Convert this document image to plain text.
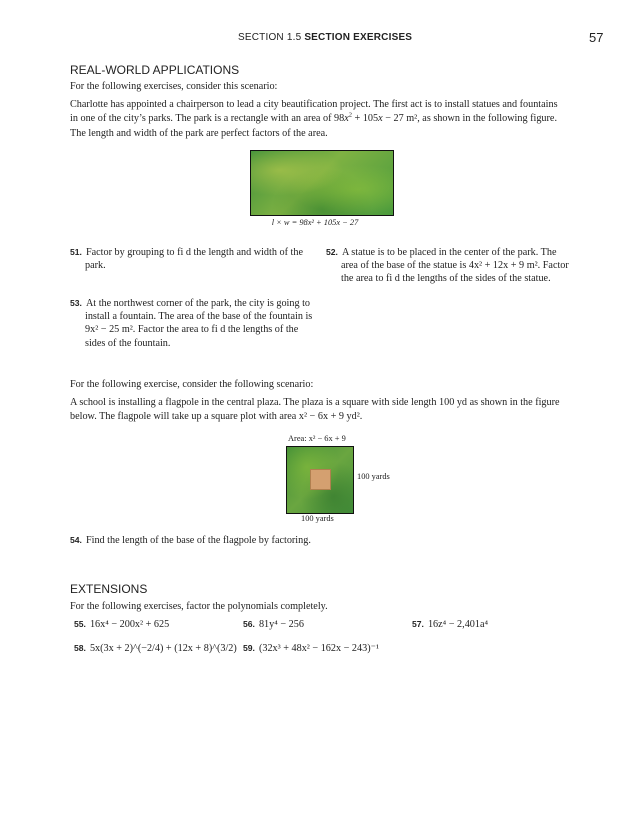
SECTION 1.5 SECTION EXERCISES	57
REAL-WORLD APPLICATIONS
For the following exercises, consider this scenario:
Charlotte has appointed a chairperson to lead a city beautification project. The first act is to install statues and fountains
in one of the city’s parks. The park is a rectangle with an area of $98x^2 + 105x - 27$ m², as shown in the following figure.
The length and width of the park are perfect factors of the area.
l × w = 98x² + 105x − 27
51. Factor by grouping to fi d the length and width of the park.
52. A statue is to be placed in the center of the park. The area of the base of the statue is 4x² + 12x + 9 m². Factor the area to fi d the lengths of the sides of the statue.
53. At the northwest corner of the park, the city is going to install a fountain. The area of the base of the fountain is 9x² − 25 m². Factor the area to fi d the lengths of the sides of the fountain.
For the following exercise, consider the following scenario:
A school is installing a flagpole in the central plaza. The plaza is a square with side length 100 yd as shown in the figure
below. The flagpole will take up a square plot with area x² − 6x + 9 yd².
Area: x² − 6x + 9
100 yards
100 yards
54. Find the length of the base of the flagpole by factoring.
EXTENSIONS
For the following exercises, factor the polynomials completely.
55. 16x⁴ − 200x² + 625	56. 81y⁴ − 256	57. 16z⁴ − 2,401a⁴
58. 5x(3x + 2)^(−2/4) + (12x + 8)^(3/2) 59. (32x³ + 48x² − 162x − 243)⁻¹
